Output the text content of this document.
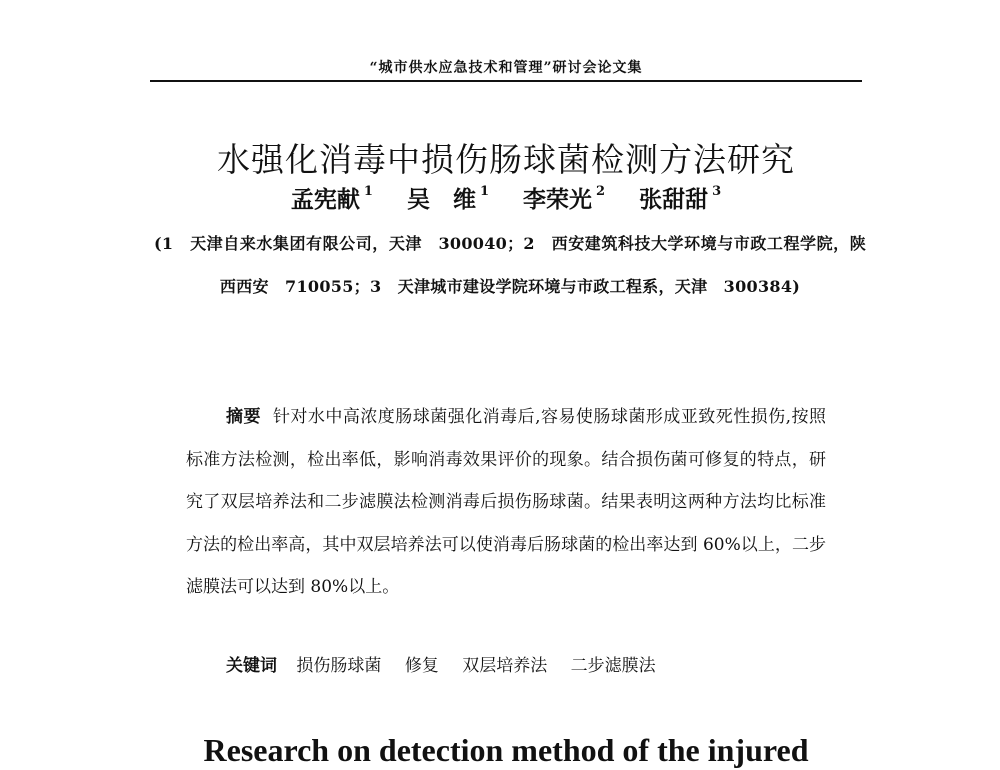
“城市供水应急技术和管理”研讨会论文集
水强化消毒中损伤肠球菌检测方法研究
孟宪献 $^1$ 吴　维 $^1$ 李荣光 $^2$ 张甜甜 $^3$
(1　天津自来水集团有限公司，天津　300040；2　西安建筑科技大学环境与市政工程学院，陕西西安　710055；3　天津城市建设学院环境与市政工程系，天津　300384)
摘要 针对水中高浓度肠球菌强化消毒后,容易使肠球菌形成亚致死性损伤,按照标准方法检测，检出率低，影响消毒效果评价的现象。结合损伤菌可修复的特点，研究了双层培养法和二步滤膜法检测消毒后损伤肠球菌。结果表明这两种方法均比标准方法的检出率高，其中双层培养法可以使消毒后肠球菌的检出率达到 60%以上，二步滤膜法可以达到 80%以上。
关键词 损伤肠球菌 修复 双层培养法 二步滤膜法
Research on detection method of the injured
